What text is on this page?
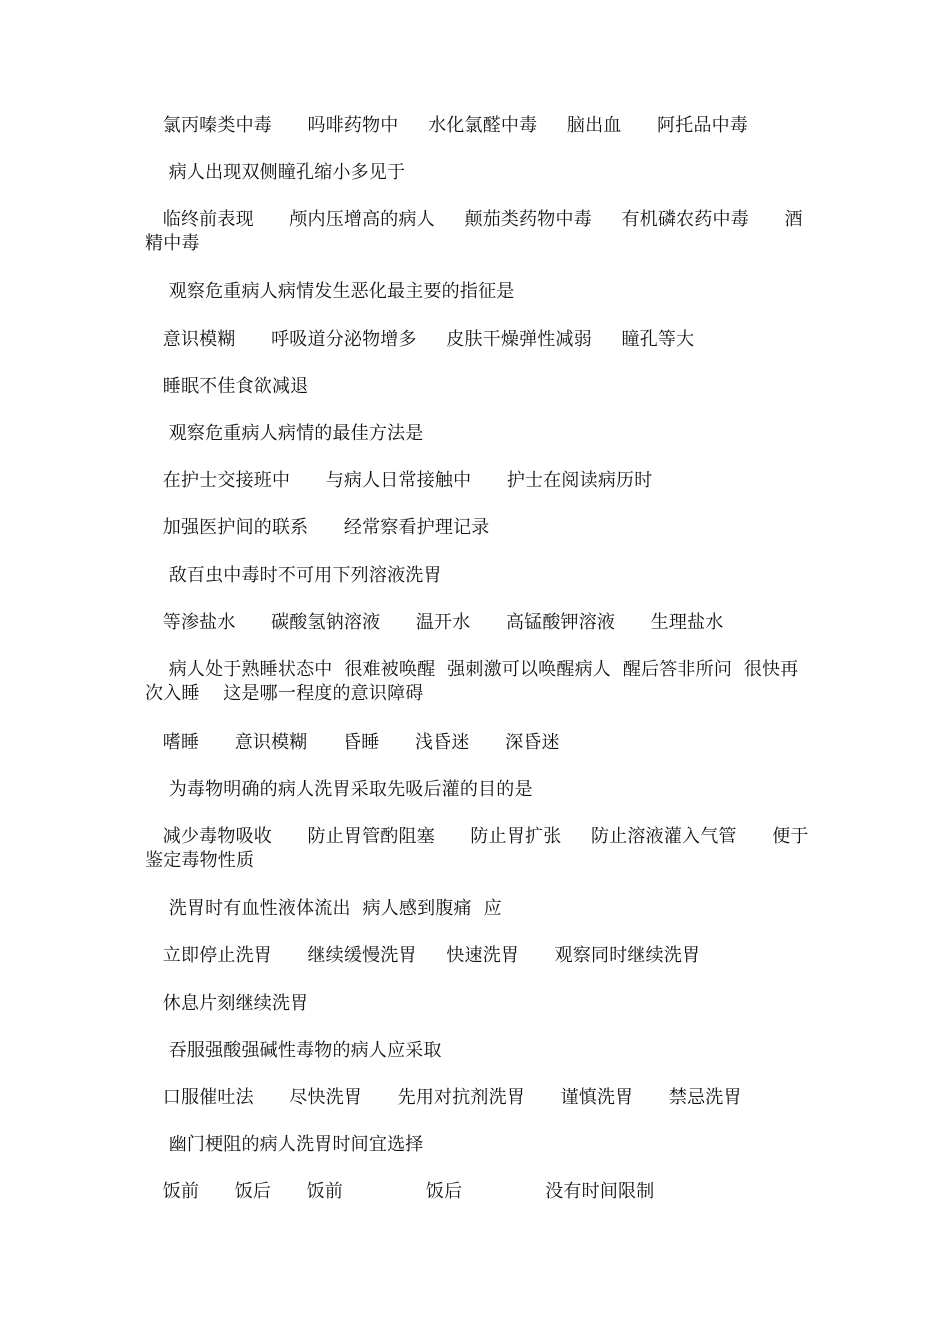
氯丙嗪类中毒      吗啡药物中     水化氯醛中毒     脑出血      阿托品中毒
病人出现双侧瞳孔缩小多见于
临终前表现      颅内压增高的病人     颠茄类药物中毒     有机磷农药中毒      酒精中毒
观察危重病人病情发生恶化最主要的指征是
意识模糊      呼吸道分泌物增多     皮肤干燥弹性减弱     瞳孔等大
睡眠不佳食欲减退
观察危重病人病情的最佳方法是
在护士交接班中      与病人日常接触中      护士在阅读病历时
加强医护间的联系      经常察看护理记录
敌百虫中毒时不可用下列溶液洗胃
等渗盐水      碳酸氢钠溶液      温开水      高锰酸钾溶液      生理盐水
病人处于熟睡状态中  很难被唤醒  强刺激可以唤醒病人  醒后答非所问  很快再次入睡    这是哪一程度的意识障碍
嗜睡      意识模糊      昏睡      浅昏迷      深昏迷
为毒物明确的病人洗胃采取先吸后灌的目的是
减少毒物吸收      防止胃管酌阻塞      防止胃扩张     防止溶液灌入气管      便于鉴定毒物性质
洗胃时有血性液体流出  病人感到腹痛  应
立即停止洗胃      继续缓慢洗胃     快速洗胃      观察同时继续洗胃
休息片刻继续洗胃
吞服强酸强碱性毒物的病人应采取
口服催吐法      尽快洗胃      先用对抗剂洗胃      谨慎洗胃      禁忌洗胃
幽门梗阻的病人洗胃时间宜选择
饭前      饭后      饭前              饭后              没有时间限制
